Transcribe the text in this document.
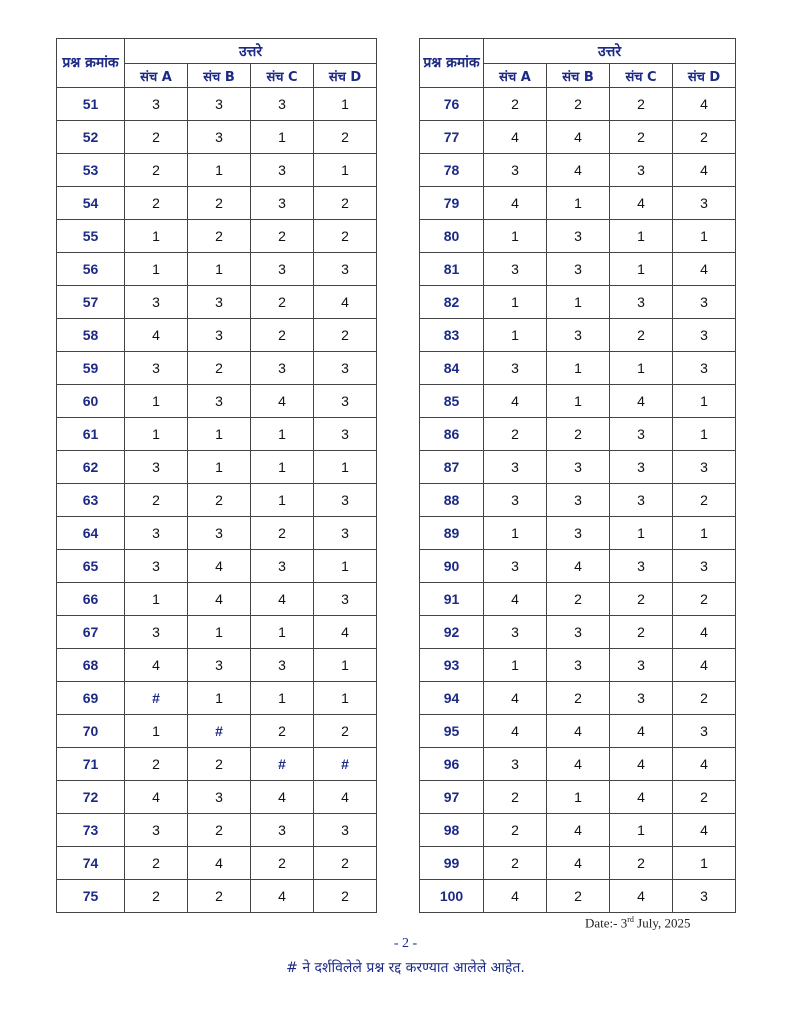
प्रश्न क्रमांक	उत्तरे			
	संच A	संच B	संच C	संच D
51	3	3	3	1
52	2	3	1	2
53	2	1	3	1
54	2	2	3	2
55	1	2	2	2
56	1	1	3	3
57	3	3	2	4
58	4	3	2	2
59	3	2	3	3
60	1	3	4	3
61	1	1	1	3
62	3	1	1	1
63	2	2	1	3
64	3	3	2	3
65	3	4	3	1
66	1	4	4	3
67	3	1	1	4
68	4	3	3	1
69	#	1	1	1
70	1	#	2	2
71	2	2	#	#
72	4	3	4	4
73	3	2	3	3
74	2	4	2	2
75	2	2	4	2
प्रश्न क्रमांक	उत्तरे			
	संच A	संच B	संच C	संच D
76	2	2	2	4
77	4	4	2	2
78	3	4	3	4
79	4	1	4	3
80	1	3	1	1
81	3	3	1	4
82	1	1	3	3
83	1	3	2	3
84	3	1	1	3
85	4	1	4	1
86	2	2	3	1
87	3	3	3	3
88	3	3	3	2
89	1	3	1	1
90	3	4	3	3
91	4	2	2	2
92	3	3	2	4
93	1	3	3	4
94	4	2	3	2
95	4	4	4	3
96	3	4	4	4
97	2	1	4	2
98	2	4	1	4
99	2	4	2	1
100	4	2	4	3
Date:- 3rd July, 2025
- 2 -
# ने दर्शविलेले प्रश्न रद्द करण्यात आलेले आहेत.
